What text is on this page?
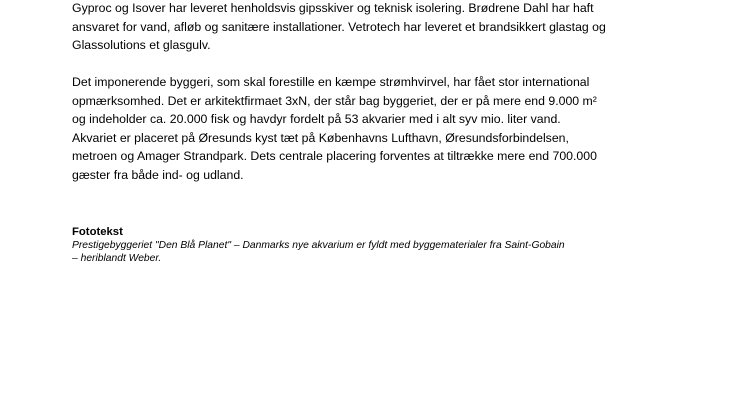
Gyproc og Isover har leveret henholdsvis gipsskiver og teknisk isolering. Brødrene Dahl har haft
ansvaret for vand, afløb og sanitære installationer. Vetrotech har leveret et brandsikkert glastag og
Glassolutions et glasgulv.

Det imponerende byggeri, som skal forestille en kæmpe strømhvirvel, har fået stor international
opmærksomhed. Det er arkitektfirmaet 3xN, der står bag byggeriet, der er på mere end 9.000 m²
og indeholder ca. 20.000 fisk og havdyr fordelt på 53 akvarier med i alt syv mio. liter vand.
Akvariet er placeret på Øresunds kyst tæt på Københavns Lufthavn, Øresundsforbindelsen,
metroen og Amager Strandpark. Dets centrale placering forventes at tiltrække mere end 700.000
gæster fra både ind- og udland.

Fototekst

Prestigebyggeriet "Den Blå Planet" – Danmarks nye akvarium er fyldt med byggematerialer fra Saint-Gobain
– heriblandt Weber.
